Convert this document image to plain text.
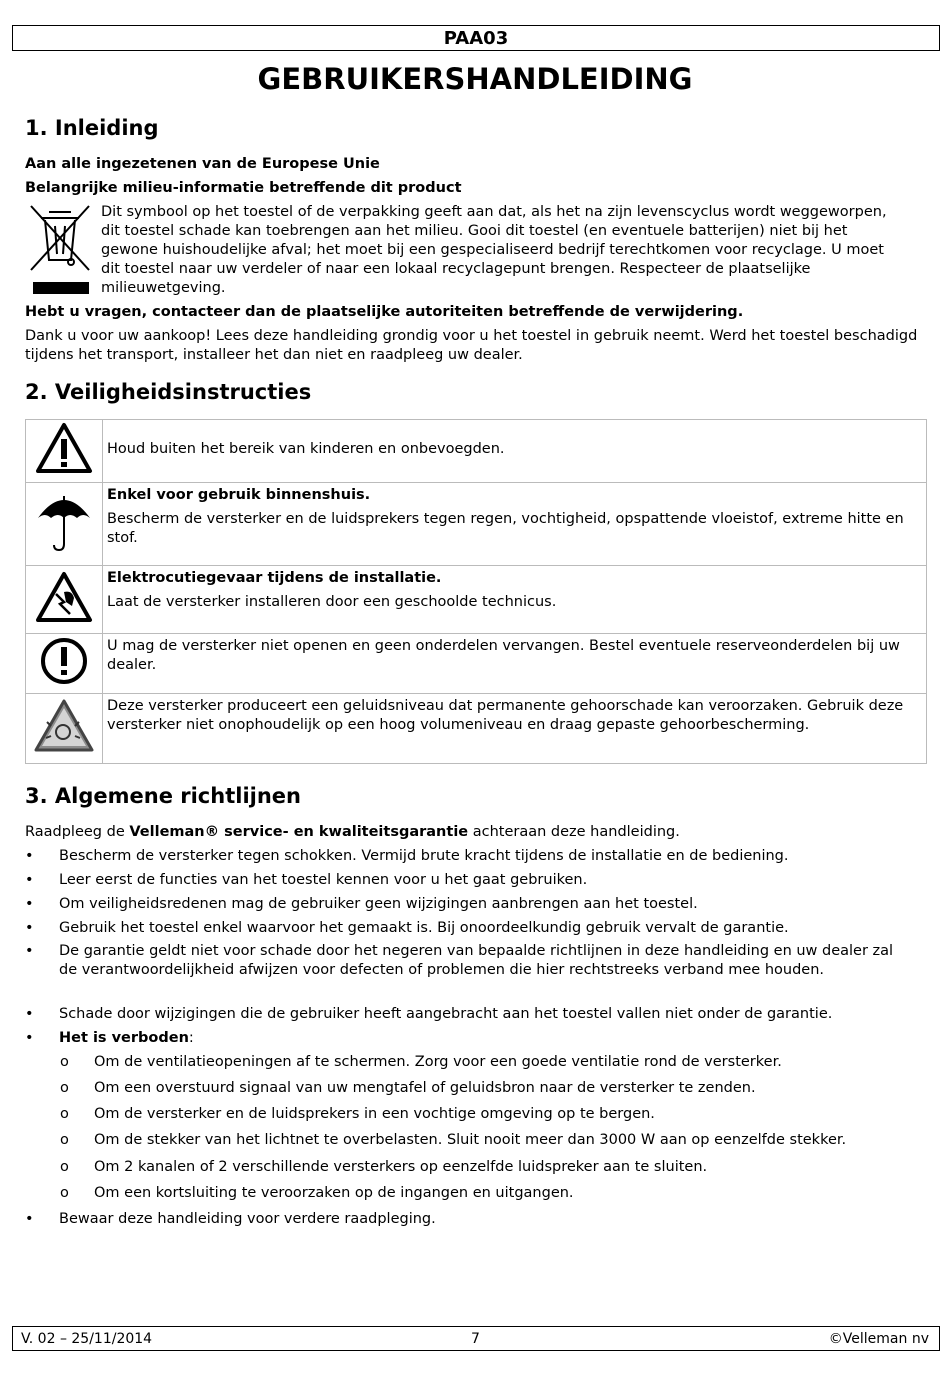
PAA03
GEBRUIKERSHANDLEIDING
1. Inleiding
Aan alle ingezetenen van de Europese Unie
Belangrijke milieu-informatie betreffende dit product

Dit symbool op het toestel of de verpakking geeft aan dat, als het na zijn levenscyclus wordt weggeworpen, dit toestel schade kan toebrengen aan het milieu. Gooi dit toestel (en eventuele batterijen) niet bij het gewone huishoudelijke afval; het moet bij een gespecialiseerd bedrijf terechtkomen voor recyclage. U moet dit toestel naar uw verdeler of naar een lokaal recyclagepunt brengen. Respecteer de plaatselijke milieuwetgeving.

Hebt u vragen, contacteer dan de plaatselijke autoriteiten betreffende de verwijdering.

Dank u voor uw aankoop! Lees deze handleiding grondig voor u het toestel in gebruik neemt. Werd het toestel beschadigd tijdens het transport, installeer het dan niet en raadpleeg uw dealer.

2. Veiligheidsinstructies

Houd buiten het bereik van kinderen en onbevoegden.

Enkel voor gebruik binnenshuis.
Bescherm de versterker en de luidsprekers tegen regen, vochtigheid, opspattende vloeistof, extreme hitte en stof.

Elektrocutiegevaar tijdens de installatie.
Laat de versterker installeren door een geschoolde technicus.

U mag de versterker niet openen en geen onderdelen vervangen. Bestel eventuele reserveonderdelen bij uw dealer.

Deze versterker produceert een geluidsniveau dat permanente gehoorschade kan veroorzaken. Gebruik deze versterker niet onophoudelijk op een hoog volumeniveau en draag gepaste gehoorbescherming.
3. Algemene richtlijnen
Raadpleeg de Velleman® service- en kwaliteitsgarantie achteraan deze handleiding.
• Bescherm de versterker tegen schokken. Vermijd brute kracht tijdens de installatie en de bediening.
• Leer eerst de functies van het toestel kennen voor u het gaat gebruiken.
• Om veiligheidsredenen mag de gebruiker geen wijzigingen aanbrengen aan het toestel.
• Gebruik het toestel enkel waarvoor het gemaakt is. Bij onoordeelkundig gebruik vervalt de garantie.
• De garantie geldt niet voor schade door het negeren van bepaalde richtlijnen in deze handleiding en uw dealer zal de verantwoordelijkheid afwijzen voor defecten of problemen die hier rechtstreeks verband mee houden.
• Schade door wijzigingen die de gebruiker heeft aangebracht aan het toestel vallen niet onder de garantie.
• Het is verboden:
o Om de ventilatieopeningen af te schermen. Zorg voor een goede ventilatie rond de versterker.
o Om een overstuurd signaal van uw mengtafel of geluidsbron naar de versterker te zenden.
o Om de versterker en de luidsprekers in een vochtige omgeving op te bergen.
o Om de stekker van het lichtnet te overbelasten. Sluit nooit meer dan 3000 W aan op eenzelfde stekker.
o Om 2 kanalen of 2 verschillende versterkers op eenzelfde luidspreker aan te sluiten.
o Om een kortsluiting te veroorzaken op de ingangen en uitgangen.
• Bewaar deze handleiding voor verdere raadpleging.
V. 02 – 25/11/2014	7	©Velleman nv
